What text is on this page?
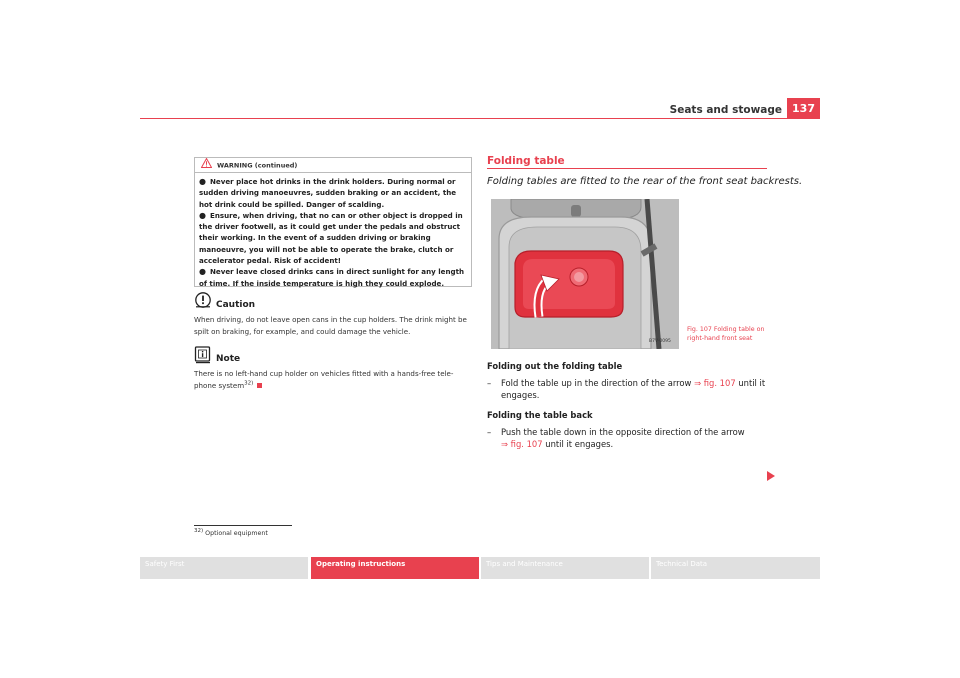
Seats and stowage 137
WARNING (continued)

● Never place hot drinks in the drink holders. During normal or sudden driving manoeuvres, sudden braking or an accident, the hot drink could be spilled. Danger of scalding.

● Ensure, when driving, that no can or other object is dropped in the driver footwell, as it could get under the pedals and obstruct their working. In the event of a sudden driving or braking manoeuvre, you will not be able to operate the brake, clutch or accelerator pedal. Risk of accident!

● Never leave closed drinks cans in direct sunlight for any length of time. If the inside temperature is high they could explode.

Caution
When driving, do not leave open cans in the cup holders. The drink might be spilt on braking, for example, and could damage the vehicle.
Note
There is no left-hand cup holder on vehicles fitted with a hands-free tele-
phone system$^{32)}$
32) Optional equipment
Folding table
Folding tables are fitted to the rear of the front seat backrests.
B7V-0095
Fig. 107 Folding table on
right-hand front seat
Folding out the folding table
– Fold the table up in the direction of the arrow ⇒ fig. 107 until it
engages.
Folding the table back
– Push the table down in the opposite direction of the arrow
⇒ fig. 107 until it engages.
Safety First	Operating instructions	Tips and Maintenance	Technical Data
